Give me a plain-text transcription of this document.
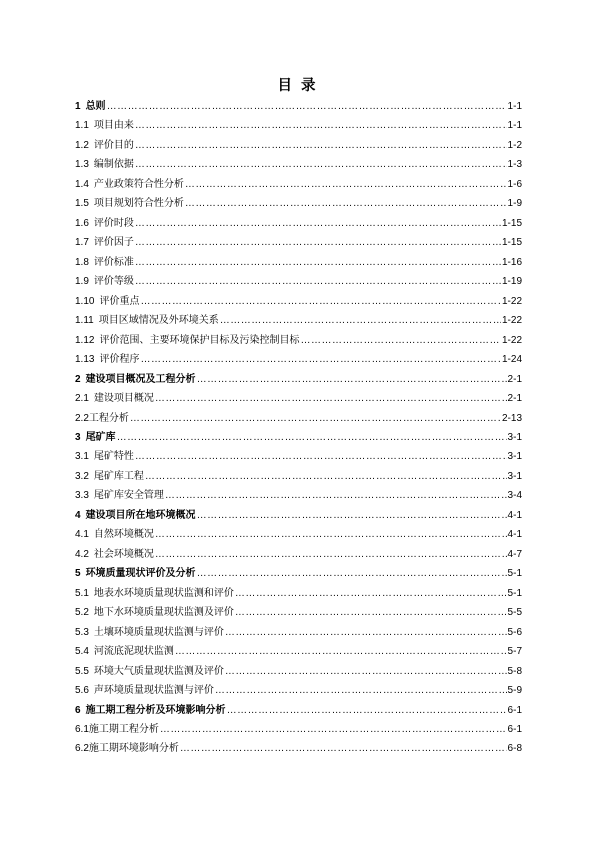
目 录
1 总则 …………………………………………………………………………………………………………………………………………………………………………………………………………………………………………	1-1
1.1 项目由来 …………………………………………………………………………………………………………………………………………………………………………………………………………………………………………	1-1
1.2 评价目的 …………………………………………………………………………………………………………………………………………………………………………………………………………………………………………	1-2
1.3 编制依据 …………………………………………………………………………………………………………………………………………………………………………………………………………………………………………	1-3
1.4 产业政策符合性分析 …………………………………………………………………………………………………………………………………………………………………………………………………………………………………………	1-6
1.5 项目规划符合性分析 …………………………………………………………………………………………………………………………………………………………………………………………………………………………………………	1-9
1.6 评价时段 …………………………………………………………………………………………………………………………………………………………………………………………………………………………………………	1-15
1.7 评价因子 …………………………………………………………………………………………………………………………………………………………………………………………………………………………………………	1-15
1.8 评价标准 …………………………………………………………………………………………………………………………………………………………………………………………………………………………………………	1-16
1.9 评价等级 …………………………………………………………………………………………………………………………………………………………………………………………………………………………………………	1-19
1.10 评价重点 …………………………………………………………………………………………………………………………………………………………………………………………………………………………………………	1-22
1.11 项目区域情况及外环境关系 …………………………………………………………………………………………………………………………………………………………………………………………………………………………………………	1-22
1.12 评价范围、主要环境保护目标及污染控制目标 …………………………………………………………………………………………………………………………………………………………………………………………………………………………………………	1-22
1.13 评价程序 …………………………………………………………………………………………………………………………………………………………………………………………………………………………………………	1-24
2 建设项目概况及工程分析 …………………………………………………………………………………………………………………………………………………………………………………………………………………………………………	2-1
2.1 建设项目概况 …………………………………………………………………………………………………………………………………………………………………………………………………………………………………………	2-1
2.2 工程分析 …………………………………………………………………………………………………………………………………………………………………………………………………………………………………………	2-13
3 尾矿库 …………………………………………………………………………………………………………………………………………………………………………………………………………………………………………	3-1
3.1 尾矿特性 …………………………………………………………………………………………………………………………………………………………………………………………………………………………………………	3-1
3.2 尾矿库工程 …………………………………………………………………………………………………………………………………………………………………………………………………………………………………………	3-1
3.3 尾矿库安全管理 …………………………………………………………………………………………………………………………………………………………………………………………………………………………………………	3-4
4 建设项目所在地环境概况 …………………………………………………………………………………………………………………………………………………………………………………………………………………………………………	4-1
4.1 自然环境概况 …………………………………………………………………………………………………………………………………………………………………………………………………………………………………………	4-1
4.2 社会环境概况 …………………………………………………………………………………………………………………………………………………………………………………………………………………………………………	4-7
5 环境质量现状评价及分析 …………………………………………………………………………………………………………………………………………………………………………………………………………………………………………	5-1
5.1 地表水环境质量现状监测和评价 …………………………………………………………………………………………………………………………………………………………………………………………………………………………………………	5-1
5.2 地下水环境质量现状监测及评价 …………………………………………………………………………………………………………………………………………………………………………………………………………………………………………	5-5
5.3 土壤环境质量现状监测与评价 …………………………………………………………………………………………………………………………………………………………………………………………………………………………………………	5-6
5.4 河流底泥现状监测 …………………………………………………………………………………………………………………………………………………………………………………………………………………………………………	5-7
5.5 环境大气质量现状监测及评价 …………………………………………………………………………………………………………………………………………………………………………………………………………………………………………	5-8
5.6 声环境质量现状监测与评价 …………………………………………………………………………………………………………………………………………………………………………………………………………………………………………	5-9
6 施工期工程分析及环境影响分析 …………………………………………………………………………………………………………………………………………………………………………………………………………………………………………	6-1
6.1 施工期工程分析 …………………………………………………………………………………………………………………………………………………………………………………………………………………………………………	6-1
6.2 施工期环境影响分析 …………………………………………………………………………………………………………………………………………………………………………………………………………………………………………	6-8
